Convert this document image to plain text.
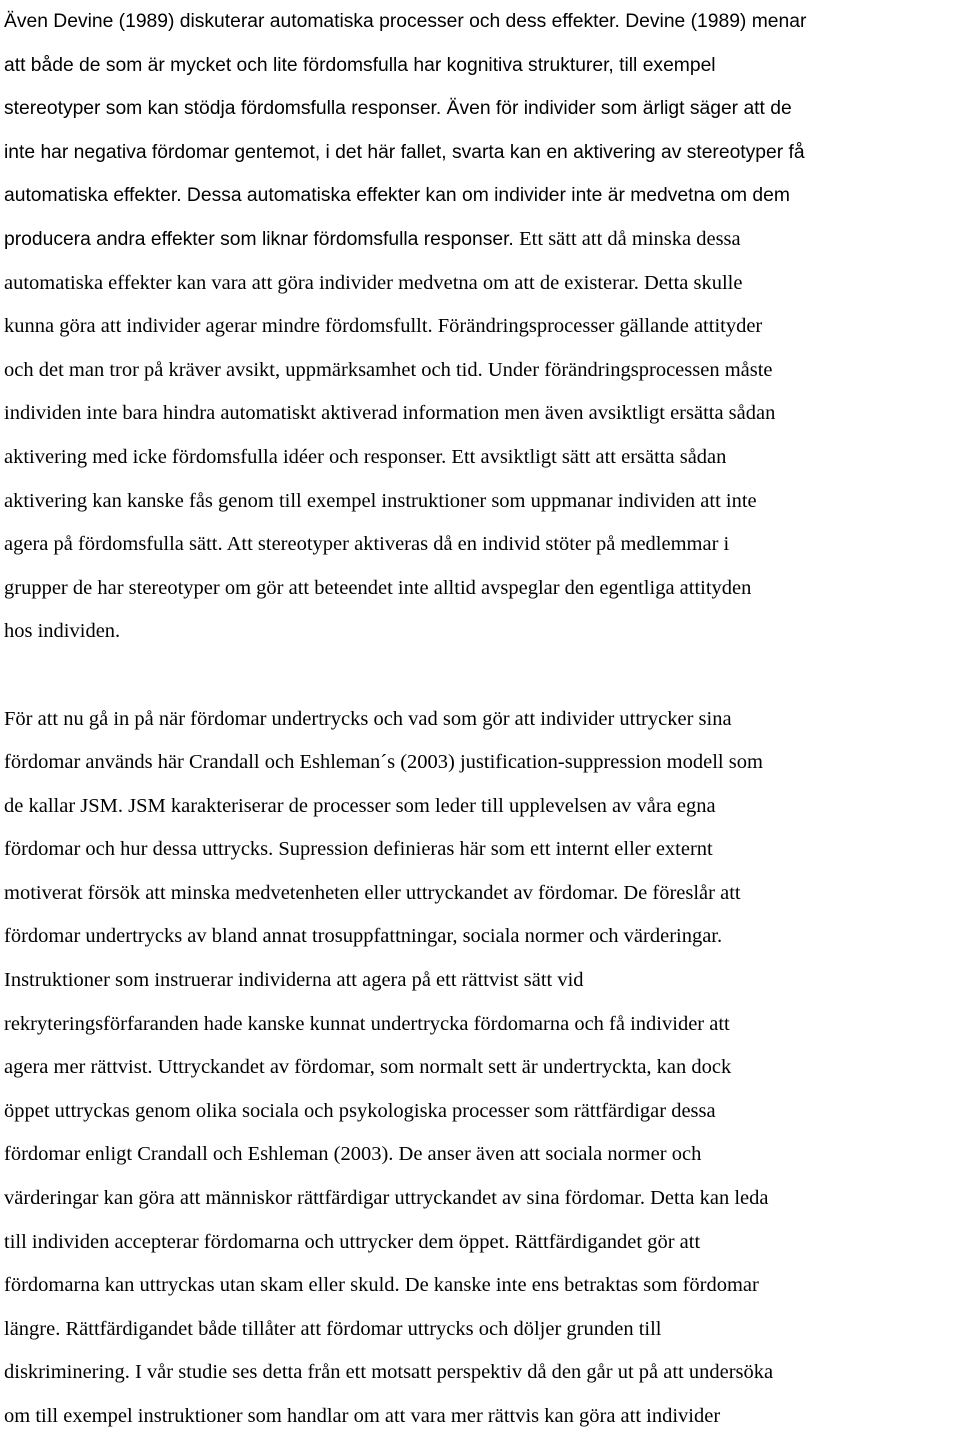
Även Devine (1989) diskuterar automatiska processer och dess effekter. Devine (1989) menar
att både de som är mycket och lite fördomsfulla har kognitiva strukturer, till exempel
stereotyper som kan stödja fördomsfulla responser. Även för individer som ärligt säger att de
inte har negativa fördomar gentemot, i det här fallet, svarta kan en aktivering av stereotyper få
automatiska effekter. Dessa automatiska effekter kan om individer inte är medvetna om dem
producera andra effekter som liknar fördomsfulla responser. Ett sätt att då minska dessa
automatiska effekter kan vara att göra individer medvetna om att de existerar. Detta skulle
kunna göra att individer agerar mindre fördomsfullt. Förändringsprocesser gällande attityder
och det man tror på kräver avsikt, uppmärksamhet och tid. Under förändringsprocessen måste
individen inte bara hindra automatiskt aktiverad information men även avsiktligt ersätta sådan
aktivering med icke fördomsfulla idéer och responser. Ett avsiktligt sätt att ersätta sådan
aktivering kan kanske fås genom till exempel instruktioner som uppmanar individen att inte
agera på fördomsfulla sätt. Att stereotyper aktiveras då en individ stöter på medlemmar i
grupper de har stereotyper om gör att beteendet inte alltid avspeglar den egentliga attityden
hos individen.
För att nu gå in på när fördomar undertrycks och vad som gör att individer uttrycker sina
fördomar används här Crandall och Eshleman´s (2003) justification-suppression modell som
de kallar JSM. JSM karakteriserar de processer som leder till upplevelsen av våra egna
fördomar och hur dessa uttrycks. Supression definieras här som ett internt eller externt
motiverat försök att minska medvetenheten eller uttryckandet av fördomar. De föreslår att
fördomar undertrycks av bland annat trosuppfattningar, sociala normer och värderingar.
Instruktioner som instruerar individerna att agera på ett rättvist sätt vid
rekryteringsförfaranden hade kanske kunnat undertrycka fördomarna och få individer att
agera mer rättvist. Uttryckandet av fördomar, som normalt sett är undertryckta, kan dock
öppet uttryckas genom olika sociala och psykologiska processer som rättfärdigar dessa
fördomar enligt Crandall och Eshleman (2003). De anser även att sociala normer och
värderingar kan göra att människor rättfärdigar uttryckandet av sina fördomar. Detta kan leda
till individen accepterar fördomarna och uttrycker dem öppet. Rättfärdigandet gör att
fördomarna kan uttryckas utan skam eller skuld. De kanske inte ens betraktas som fördomar
längre. Rättfärdigandet både tillåter att fördomar uttrycks och döljer grunden till
diskriminering. I vår studie ses detta från ett motsatt perspektiv då den går ut på att undersöka
om till exempel instruktioner som handlar om att vara mer rättvis kan göra att individer
